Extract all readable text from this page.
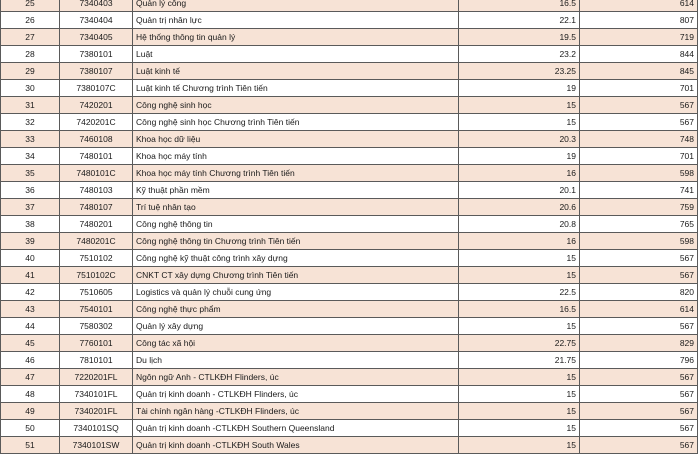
25	7340403	Quản lý công	16.5	614
26	7340404	Quản trị nhân lực	22.1	807
27	7340405	Hệ thống thông tin quản lý	19.5	719
28	7380101	Luật	23.2	844
29	7380107	Luật kinh tế	23.25	845
30	7380107C	Luật kinh tế Chương trình Tiên tiến	19	701
31	7420201	Công nghệ sinh học	15	567
32	7420201C	Công nghệ sinh học Chương trình Tiên tiến	15	567
33	7460108	Khoa học dữ liệu	20.3	748
34	7480101	Khoa học máy tính	19	701
35	7480101C	Khoa học máy tính Chương trình Tiên tiến	16	598
36	7480103	Kỹ thuật phần mềm	20.1	741
37	7480107	Trí tuệ nhân tạo	20.6	759
38	7480201	Công nghệ thông tin	20.8	765
39	7480201C	Công nghệ thông tin Chương trình Tiên tiến	16	598
40	7510102	Công nghệ kỹ thuật công trình xây dựng	15	567
41	7510102C	CNKT CT xây dựng Chương trình Tiên tiến	15	567
42	7510605	Logistics và quản lý chuỗi cung ứng	22.5	820
43	7540101	Công nghệ thực phẩm	16.5	614
44	7580302	Quản lý xây dựng	15	567
45	7760101	Công tác xã hội	22.75	829
46	7810101	Du lịch	21.75	796
47	7220201FL	Ngôn ngữ Anh - CTLKĐH Flinders, úc	15	567
48	7340101FL	Quản trị kinh doanh - CTLKĐH Flinders, úc	15	567
49	7340201FL	Tài chính ngân hàng -CTLKĐH Flinders, úc	15	567
50	7340101SQ	Quản trị kinh doanh -CTLKĐH Southern Queensland	15	567
51	7340101SW	Quản trị kinh doanh -CTLKĐH South Wales	15	567
